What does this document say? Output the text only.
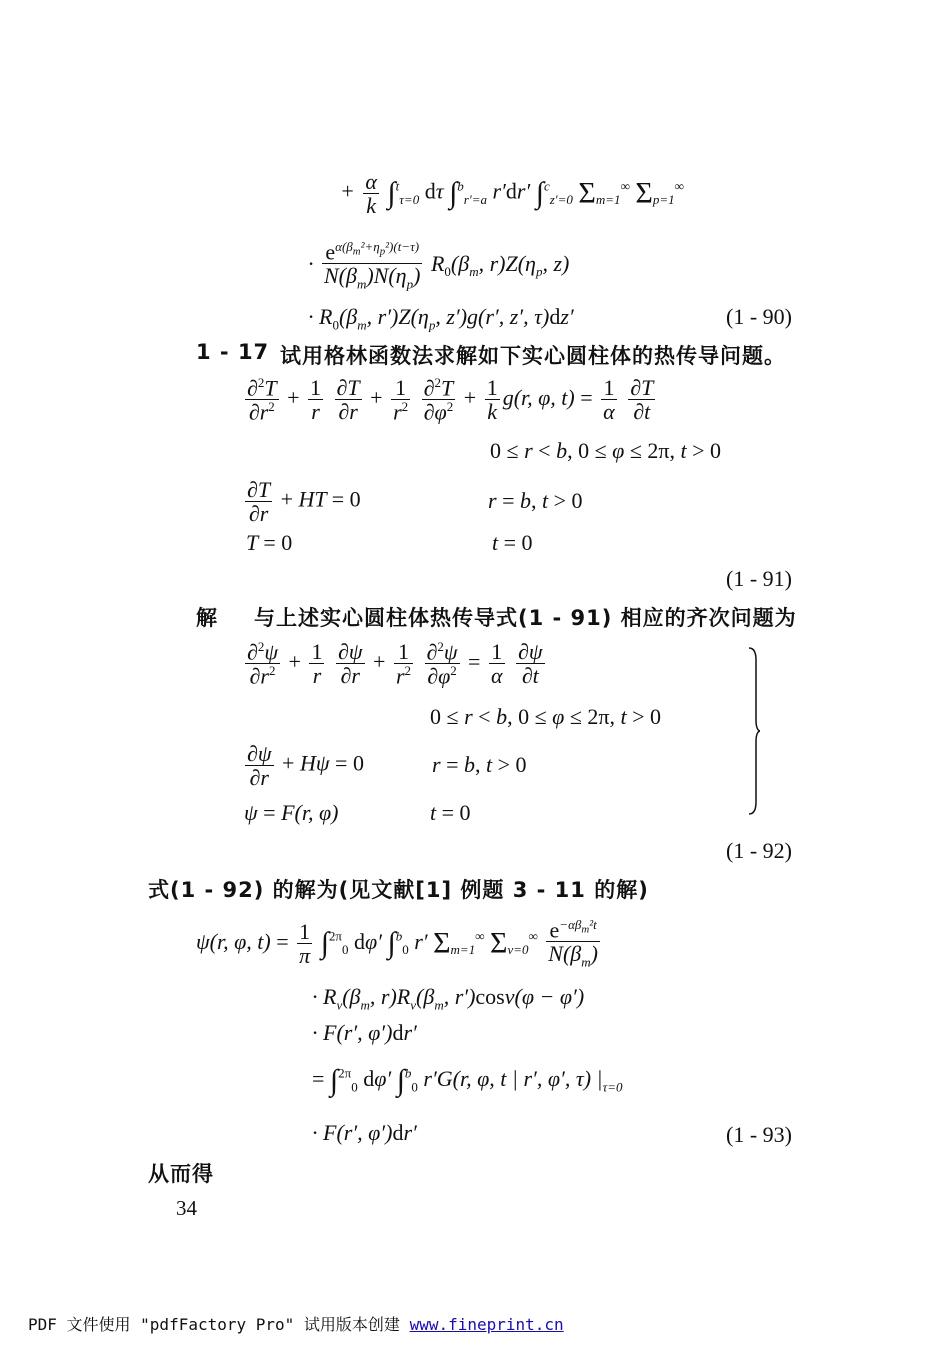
+ $\frac{\alpha}{k} \int^t_{\tau=0}$ dτ ∫$^b_{r'=a}$ r′dr′ ∫$^c_{z'=0}$ $\Sigma_{m=1}^\infty$ $\Sigma_{p=1}^\infty$
· $\frac{e^{\alpha(\beta_m^2+\eta_p^2)(t-\tau)}}{N(\beta_m)N(\eta_p)} R_0(\beta_m$, $r)Z(\eta_p$, z)
· $R_0(\beta_m$, $r')Z(\eta_p$, z′)g(r′, z′, τ)dz′	(1 - 90)
1 - 17 试用格林函数法求解如下实心圆柱体的热传导问题。
$\frac{\partial^2T}{\partial r^2} + \frac{1}{r}$
$\frac{\partial T}{\partial r} + \frac{1}{r^2}$
$\frac{\partial^2T}{\partial\varphi^2} + \frac{1}{k} g(r$, φ, $t) = \frac{1}{\alpha}$
$\frac{\partial T}{\partial t}$
0 ≤ r < b, 0 ≤ φ ≤ 2π, t > 0
$\frac{\partial T}{\partial r}$ + HT = 0	r = b, t > 0
T = 0	t = 0
(1 - 91)
解 与上述实心圆柱体热传导式(1 - 91) 相应的齐次问题为
$\frac{\partial^2\psi}{\partial r^2} + \frac{1}{r}$
$\frac{\partial\psi}{\partial r} + \frac{1}{r^2}$
$\frac{\partial^2\psi}{\partial\varphi^2} = \frac{1}{\alpha}$
$\frac{\partial\psi}{\partial t}$
0 ≤ r < b, 0 ≤ φ ≤ 2π, t > 0
$\frac{\partial\psi}{\partial r} + H\psi = 0$	r = b, t > 0
ψ = F(r, φ)	t = 0
(1 - 92)
式(1 - 92) 的解为(见文献[1] 例题 3 - 11 的解)
ψ(r, φ, $t) = \frac{1}{\pi} \int^{2\pi}_0$ dφ′ ∫$^b_0$ r′ $\Sigma_{m=1}^\infty$ $\Sigma_{\nu=0}^\infty \frac{e^{-\alpha\beta_m^2t}}{N(\beta_m)}$
· $R_\nu(\beta_m$, $r)R_\nu(\beta_m$, r′)cosν(φ − φ′)
· F(r′, φ′)dr′
= ∫$^{2\pi}_0$ dφ′ ∫$^b_0$ r′G(r, φ, t | r′, φ′, τ) $|_{\tau=0}$
· F(r′, φ′)dr′	(1 - 93)
从而得
34
PDF 文件使用 "pdfFactory Pro" 试用版本创建 www.fineprint.cn
